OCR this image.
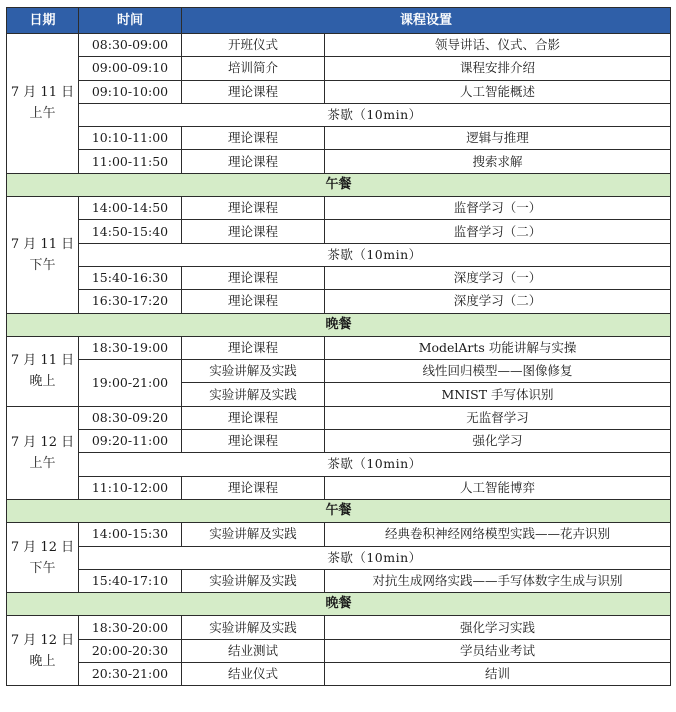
日期	时间	课程设置	
7 月 11 日
上午	08:30-09:00	开班仪式	领导讲话、仪式、合影
	09:00-09:10	培训简介	课程安排介绍
	09:10-10:00	理论课程	人工智能概述
	茶歇（10min）		
	10:10-11:00	理论课程	逻辑与推理
	11:00-11:50	理论课程	搜索求解
午餐			
7 月 11 日
下午	14:00-14:50	理论课程	监督学习（一）
	14:50-15:40	理论课程	监督学习（二）
	茶歇（10min）		
	15:40-16:30	理论课程	深度学习（一）
	16:30-17:20	理论课程	深度学习（二）
晚餐			
7 月 11 日
晚上	18:30-19:00	理论课程	ModelArts 功能讲解与实操
	19:00-21:00	实验讲解及实践	线性回归模型——图像修复
		实验讲解及实践	MNIST 手写体识别
7 月 12 日
上午	08:30-09:20	理论课程	无监督学习
	09:20-11:00	理论课程	强化学习
	茶歇（10min）		
	11:10-12:00	理论课程	人工智能博弈
午餐			
7 月 12 日
下午	14:00-15:30	实验讲解及实践	经典卷积神经网络模型实践——花卉识别
	茶歇（10min）		
	15:40-17:10	实验讲解及实践	对抗生成网络实践——手写体数字生成与识别
晚餐			
7 月 12 日
晚上	18:30-20:00	实验讲解及实践	强化学习实践
	20:00-20:30	结业测试	学员结业考试
	20:30-21:00	结业仪式	结训
